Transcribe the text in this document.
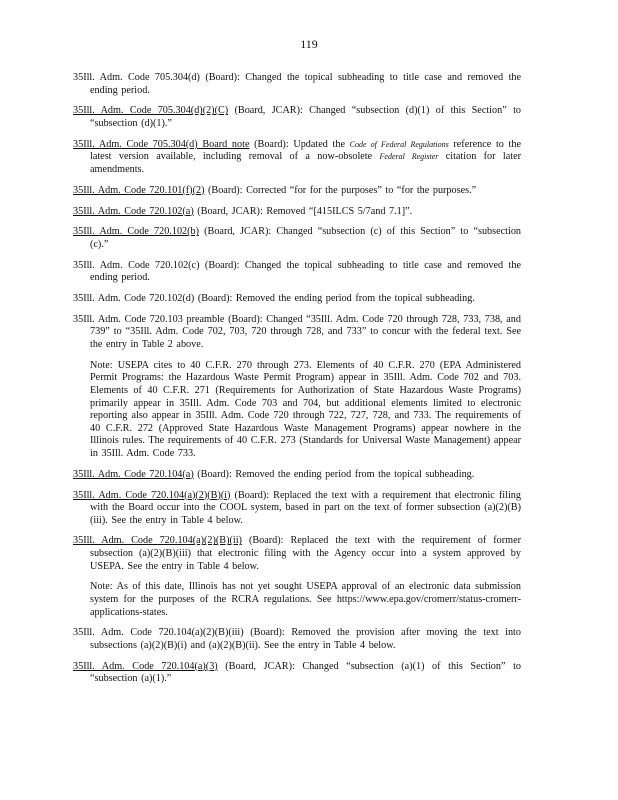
119

35Ill. Adm. Code 705.304(d) (Board): Changed the topical subheading to title case and removed the ending period.

35Ill. Adm. Code 705.304(d)(2)(C) (Board, JCAR): Changed “subsection (d)(1) of this Section” to “subsection (d)(1).”

35Ill. Adm. Code 705.304(d) Board note (Board): Updated the Code of Federal Regulations reference to the latest version available, including removal of a now-obsolete Federal Register citation for later amendments.

35Ill. Adm. Code 720.101(f)(2) (Board): Corrected “for for the purposes” to “for the purposes.”

35Ill. Adm. Code 720.102(a) (Board, JCAR): Removed “[415ILCS 5/7and 7.1]”.

35Ill. Adm. Code 720.102(b) (Board, JCAR): Changed “subsection (c) of this Section” to “subsection (c).”

35Ill. Adm. Code 720.102(c) (Board): Changed the topical subheading to title case and removed the ending period.

35Ill. Adm. Code 720.102(d) (Board): Removed the ending period from the topical subheading.

35Ill. Adm. Code 720.103 preamble (Board): Changed “35Ill. Adm. Code 720 through 728, 733, 738, and 739” to “35Ill. Adm. Code 702, 703, 720 through 728, and 733” to concur with the federal text. See the entry in Table 2 above.

Note: USEPA cites to 40 C.F.R. 270 through 273. Elements of 40 C.F.R. 270 (EPA Administered Permit Programs: the Hazardous Waste Permit Program) appear in 35Ill. Adm. Code 702 and 703. Elements of 40 C.F.R. 271 (Requirements for Authorization of State Hazardous Waste Programs) primarily appear in 35Ill. Adm. Code 703 and 704, but additional elements limited to electronic reporting also appear in 35Ill. Adm. Code 720 through 722, 727, 728, and 733. The requirements of 40 C.F.R. 272 (Approved State Hazardous Waste Management Programs) appear nowhere in the Illinois rules. The requirements of 40 C.F.R. 273 (Standards for Universal Waste Management) appear in 35Ill. Adm. Code 733.

35Ill. Adm. Code 720.104(a) (Board): Removed the ending period from the topical subheading.

35Ill. Adm. Code 720.104(a)(2)(B)(i) (Board): Replaced the text with a requirement that electronic filing with the Board occur into the COOL system, based in part on the text of former subsection (a)(2)(B)(iii). See the entry in Table 4 below.

35Ill. Adm. Code 720.104(a)(2)(B)(ii) (Board): Replaced the text with the requirement of former subsection (a)(2)(B)(iii) that electronic filing with the Agency occur into a system approved by USEPA. See the entry in Table 4 below.

Note: As of this date, Illinois has not yet sought USEPA approval of an electronic data submission system for the purposes of the RCRA regulations. See https://www.epa.gov/cromerr/status-cromerr-applications-states.

35Ill. Adm. Code 720.104(a)(2)(B)(iii) (Board): Removed the provision after moving the text into subsections (a)(2)(B)(i) and (a)(2)(B)(ii). See the entry in Table 4 below.

35Ill. Adm. Code 720.104(a)(3) (Board, JCAR): Changed “subsection (a)(1) of this Section” to “subsection (a)(1).”
